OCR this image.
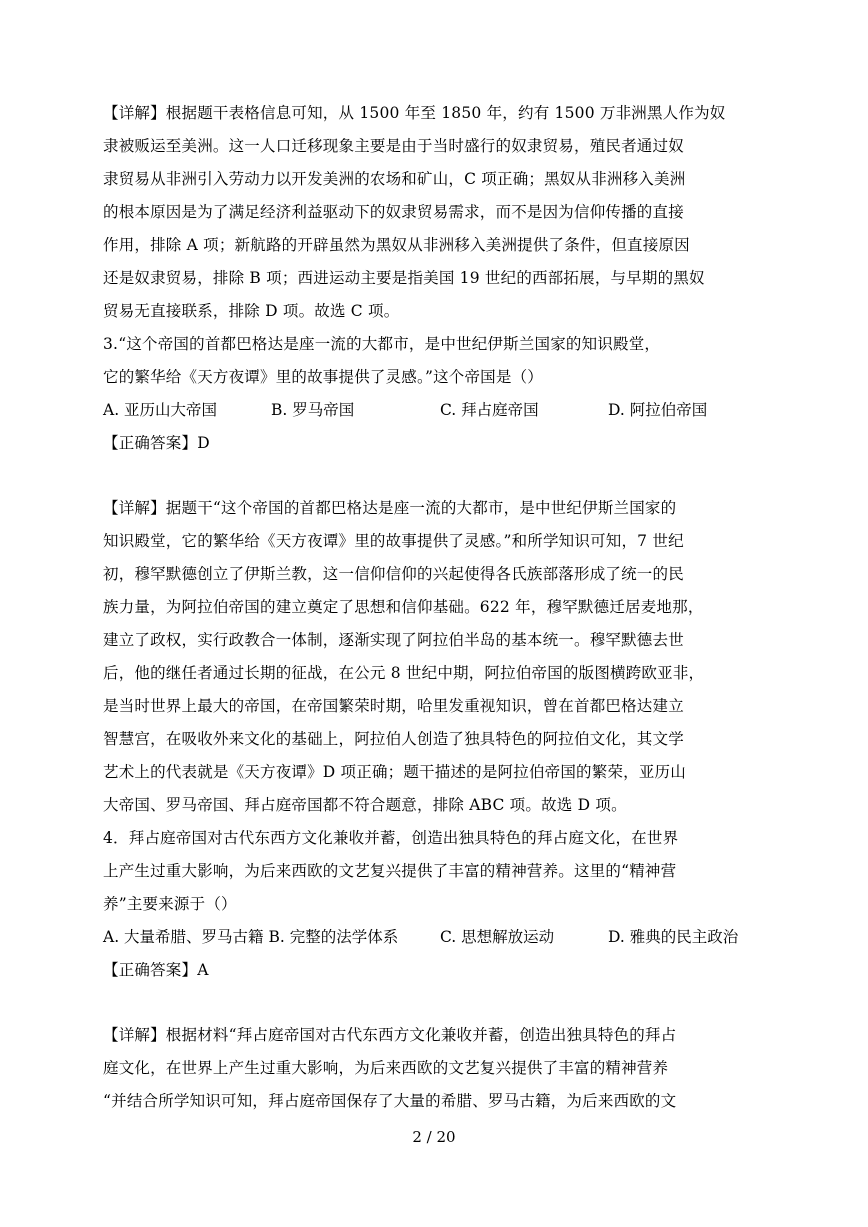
【详解】根据题干表格信息可知，从 1500 年至 1850 年，约有 1500 万非洲黑人作为奴
隶被贩运至美洲。这一人口迁移现象主要是由于当时盛行的奴隶贸易，殖民者通过奴
隶贸易从非洲引入劳动力以开发美洲的农场和矿山，C 项正确；黑奴从非洲移入美洲
的根本原因是为了满足经济利益驱动下的奴隶贸易需求，而不是因为信仰传播的直接
作用，排除 A 项；新航路的开辟虽然为黑奴从非洲移入美洲提供了条件，但直接原因
还是奴隶贸易，排除 B 项；西进运动主要是指美国 19 世纪的西部拓展，与早期的黑奴
贸易无直接联系，排除 D 项。故选 C 项。
3.“这个帝国的首都巴格达是座一流的大都市，是中世纪伊斯兰国家的知识殿堂，
它的繁华给《天方夜谭》里的故事提供了灵感。”这个帝国是（）
A. 亚历山大帝国	B. 罗马帝国	C. 拜占庭帝国	D. 阿拉伯帝国
【正确答案】D
【详解】据题干“这个帝国的首都巴格达是座一流的大都市，是中世纪伊斯兰国家的
知识殿堂，它的繁华给《天方夜谭》里的故事提供了灵感。”和所学知识可知，7 世纪
初，穆罕默德创立了伊斯兰教，这一信仰信仰的兴起使得各氏族部落形成了统一的民
族力量，为阿拉伯帝国的建立奠定了思想和信仰基础。622 年，穆罕默德迁居麦地那，
建立了政权，实行政教合一体制，逐渐实现了阿拉伯半岛的基本统一。穆罕默德去世
后，他的继任者通过长期的征战，在公元 8 世纪中期，阿拉伯帝国的版图横跨欧亚非，
是当时世界上最大的帝国，在帝国繁荣时期，哈里发重视知识，曾在首都巴格达建立
智慧宫，在吸收外来文化的基础上，阿拉伯人创造了独具特色的阿拉伯文化，其文学
艺术上的代表就是《天方夜谭》D 项正确；题干描述的是阿拉伯帝国的繁荣，亚历山
大帝国、罗马帝国、拜占庭帝国都不符合题意，排除 ABC 项。故选 D 项。
4．拜占庭帝国对古代东西方文化兼收并蓄，创造出独具特色的拜占庭文化，在世界
上产生过重大影响，为后来西欧的文艺复兴提供了丰富的精神营养。这里的“精神营
养”主要来源于（）
A. 大量希腊、罗马古籍 B. 完整的法学体系	C. 思想解放运动	D. 雅典的民主政治
【正确答案】A
【详解】根据材料“拜占庭帝国对古代东西方文化兼收并蓄，创造出独具特色的拜占
庭文化，在世界上产生过重大影响，为后来西欧的文艺复兴提供了丰富的精神营养
“并结合所学知识可知，拜占庭帝国保存了大量的希腊、罗马古籍，为后来西欧的文
2 / 20
